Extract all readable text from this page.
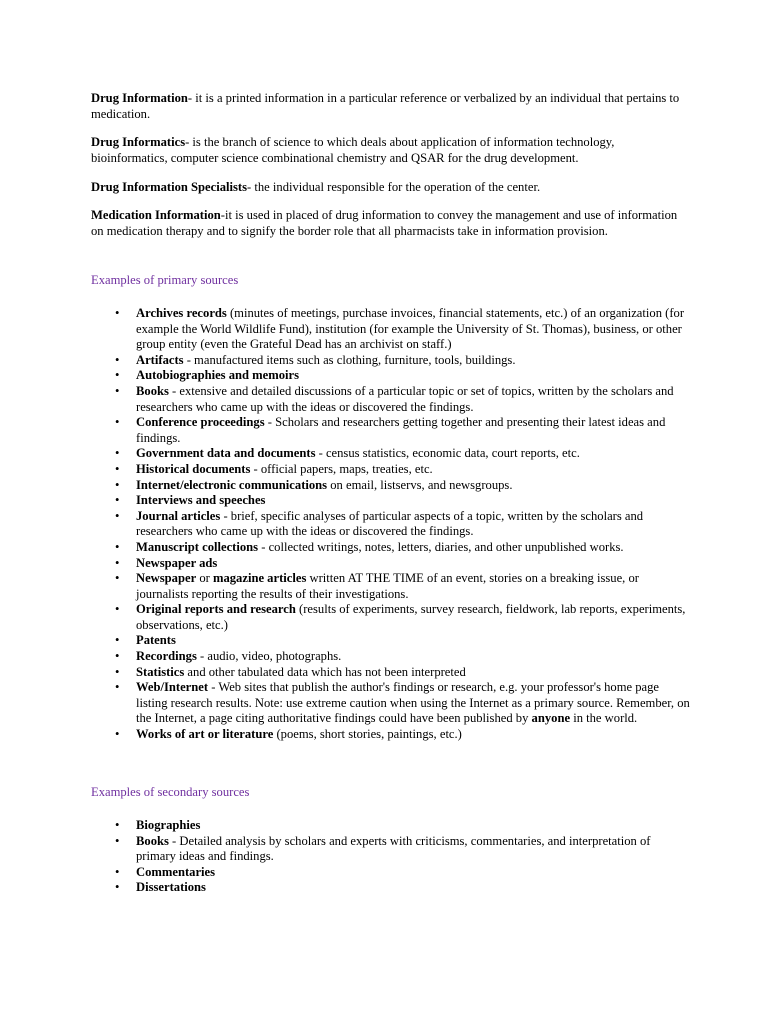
Drug Information- it is a printed information in a particular reference or verbalized by an individual that pertains to medication.

Drug Informatics- is the branch of science to which deals about application of information technology, bioinformatics, computer science combinational chemistry and QSAR for the drug development.

Drug Information Specialists- the individual responsible for the operation of the center.

Medication Information-it is used in placed of drug information to convey the management and use of information on medication therapy and to signify the border role that all pharmacists take in information provision.

Examples of primary sources

• Archives records (minutes of meetings, purchase invoices, financial statements, etc.) of an organization (for example the World Wildlife Fund), institution (for example the University of St. Thomas), business, or other group entity (even the Grateful Dead has an archivist on staff.)
• Artifacts - manufactured items such as clothing, furniture, tools, buildings.
• Autobiographies and memoirs
• Books - extensive and detailed discussions of a particular topic or set of topics, written by the scholars and researchers who came up with the ideas or discovered the findings.
• Conference proceedings - Scholars and researchers getting together and presenting their latest ideas and findings.
• Government data and documents - census statistics, economic data, court reports, etc.
• Historical documents - official papers, maps, treaties, etc.
• Internet/electronic communications on email, listservs, and newsgroups.
• Interviews and speeches
• Journal articles - brief, specific analyses of particular aspects of a topic, written by the scholars and researchers who came up with the ideas or discovered the findings.
• Manuscript collections - collected writings, notes, letters, diaries, and other unpublished works.
• Newspaper ads
• Newspaper or magazine articles written AT THE TIME of an event, stories on a breaking issue, or journalists reporting the results of their investigations.
• Original reports and research (results of experiments, survey research, fieldwork, lab reports, experiments, observations, etc.)
• Patents
• Recordings - audio, video, photographs.
• Statistics and other tabulated data which has not been interpreted
• Web/Internet - Web sites that publish the author's findings or research, e.g. your professor's home page listing research results. Note: use extreme caution when using the Internet as a primary source. Remember, on the Internet, a page citing authoritative findings could have been published by anyone in the world.
• Works of art or literature (poems, short stories, paintings, etc.)

Examples of secondary sources

• Biographies
• Books - Detailed analysis by scholars and experts with criticisms, commentaries, and interpretation of primary ideas and findings.
• Commentaries
• Dissertations
